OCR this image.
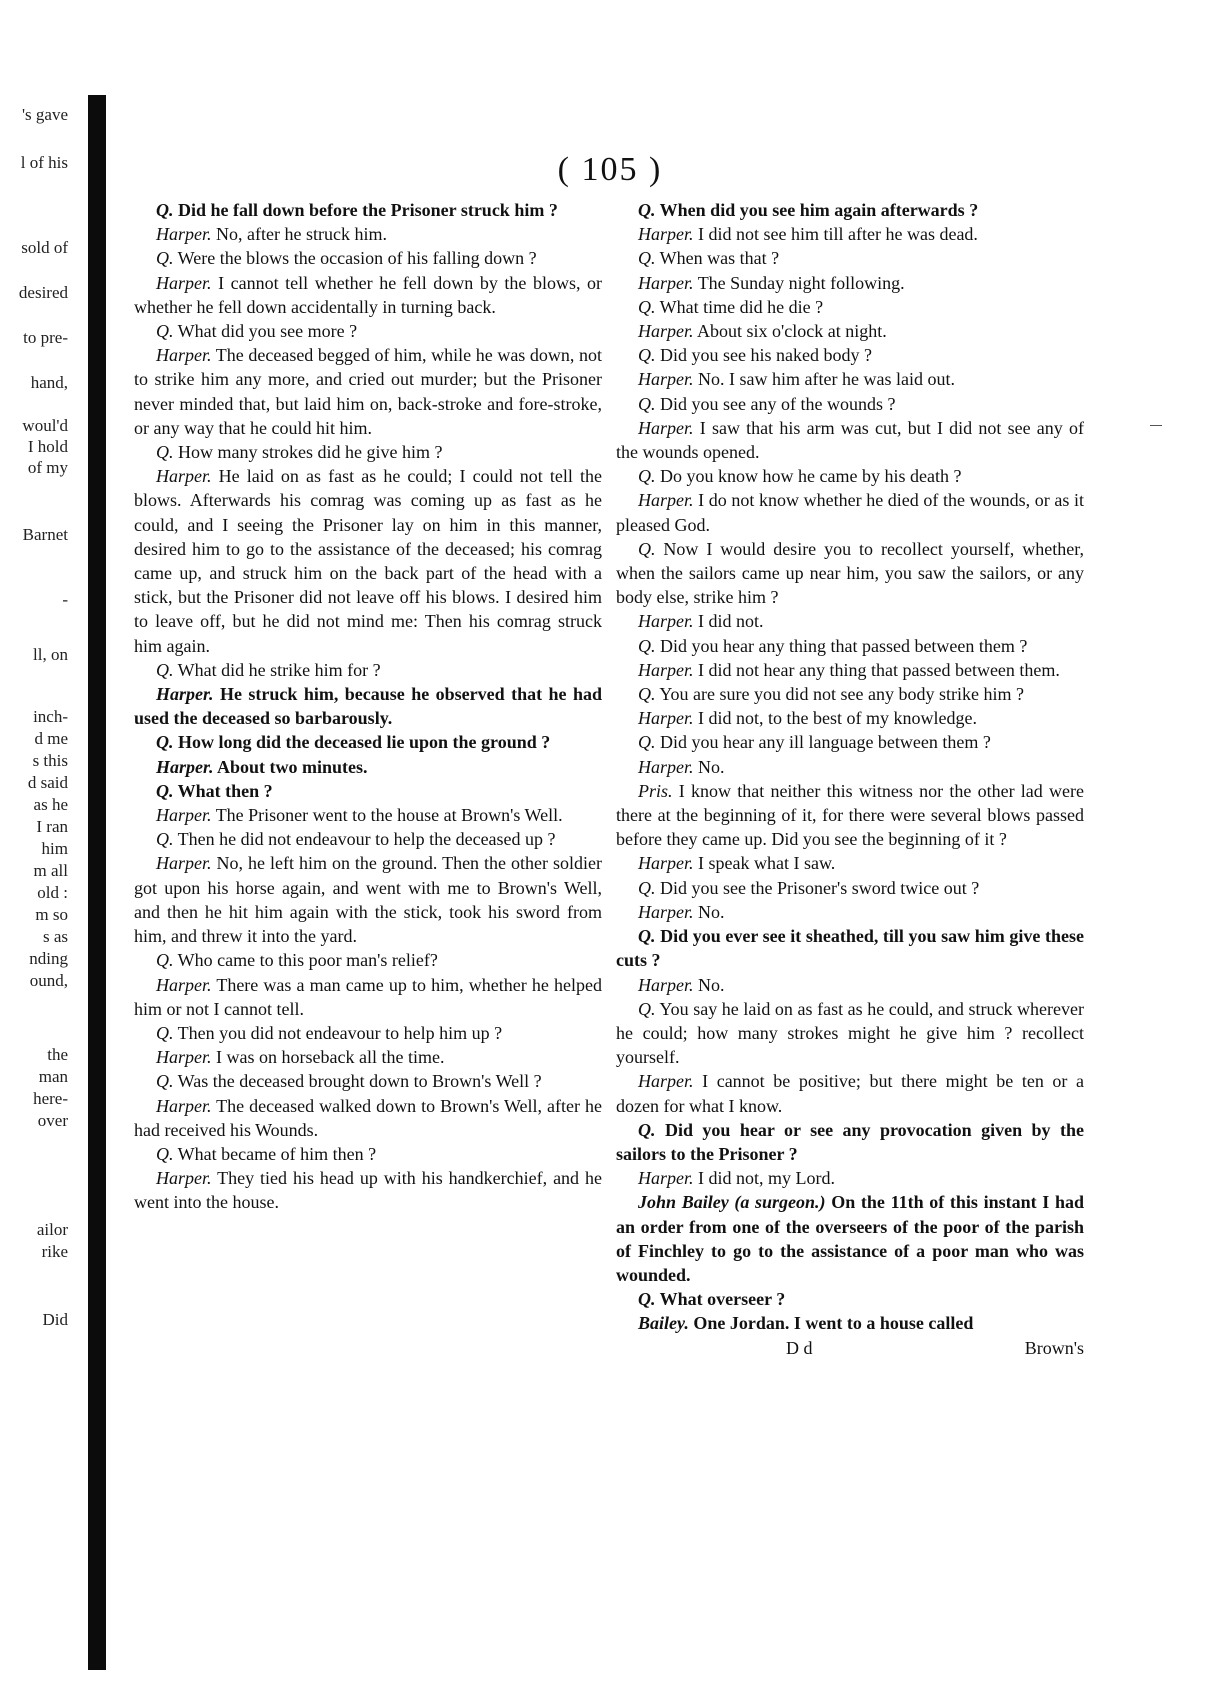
's gave
l of his
sold of
desired
to pre-
hand,
woul'd
I hold
of my
Barnet
-
ll, on
inch-
d me
s this
d said
as he
I ran
him
m all
old :
m so
s as
nding
ound,
the
man
here-
over
ailor
rike
Did
( 105 )

Q. Did he fall down before the Prisoner struck him ?

Harper. No, after he struck him.

Q. Were the blows the occasion of his falling down ?

Harper. I cannot tell whether he fell down by the blows, or whether he fell down accidentally in turning back.

Q. What did you see more ?

Harper. The deceased begged of him, while he was down, not to strike him any more, and cried out murder; but the Prisoner never minded that, but laid him on, back-stroke and fore-stroke, or any way that he could hit him.

Q. How many strokes did he give him ?

Harper. He laid on as fast as he could; I could not tell the blows. Afterwards his comrag was coming up as fast as he could, and I seeing the Prisoner lay on him in this manner, desired him to go to the assistance of the deceased; his comrag came up, and struck him on the back part of the head with a stick, but the Prisoner did not leave off his blows. I desired him to leave off, but he did not mind me: Then his comrag struck him again.

Q. What did he strike him for ?

Harper. He struck him, because he observed that he had used the deceased so barbarously.

Q. How long did the deceased lie upon the ground ?

Harper. About two minutes.

Q. What then ?

Harper. The Prisoner went to the house at Brown's Well.

Q. Then he did not endeavour to help the deceased up ?

Harper. No, he left him on the ground. Then the other soldier got upon his horse again, and went with me to Brown's Well, and then he hit him again with the stick, took his sword from him, and threw it into the yard.

Q. Who came to this poor man's relief?

Harper. There was a man came up to him, whether he helped him or not I cannot tell.

Q. Then you did not endeavour to help him up ?

Harper. I was on horseback all the time.

Q. Was the deceased brought down to Brown's Well ?

Harper. The deceased walked down to Brown's Well, after he had received his Wounds.

Q. What became of him then ?

Harper. They tied his head up with his handkerchief, and he went into the house.

Q. When did you see him again afterwards ?

Harper. I did not see him till after he was dead.

Q. When was that ?

Harper. The Sunday night following.

Q. What time did he die ?

Harper. About six o'clock at night.

Q. Did you see his naked body ?

Harper. No. I saw him after he was laid out.

Q. Did you see any of the wounds ?

Harper. I saw that his arm was cut, but I did not see any of the wounds opened.

Q. Do you know how he came by his death ?

Harper. I do not know whether he died of the wounds, or as it pleased God.

Q. Now I would desire you to recollect yourself, whether, when the sailors came up near him, you saw the sailors, or any body else, strike him ?

Harper. I did not.

Q. Did you hear any thing that passed between them ?

Harper. I did not hear any thing that passed between them.

Q. You are sure you did not see any body strike him ?

Harper. I did not, to the best of my knowledge.

Q. Did you hear any ill language between them ?

Harper. No.

Pris. I know that neither this witness nor the other lad were there at the beginning of it, for there were several blows passed before they came up. Did you see the beginning of it ?

Harper. I speak what I saw.

Q. Did you see the Prisoner's sword twice out ?

Harper. No.

Q. Did you ever see it sheathed, till you saw him give these cuts ?

Harper. No.

Q. You say he laid on as fast as he could, and struck wherever he could; how many strokes might he give him ? recollect yourself.

Harper. I cannot be positive; but there might be ten or a dozen for what I know.

Q. Did you hear or see any provocation given by the sailors to the Prisoner ?

Harper. I did not, my Lord.

John Bailey (a surgeon.) On the 11th of this instant I had an order from one of the overseers of the poor of the parish of Finchley to go to the assistance of a poor man who was wounded.

Q. What overseer ?

Bailey. One Jordan. I went to a house called

D d	Brown's
